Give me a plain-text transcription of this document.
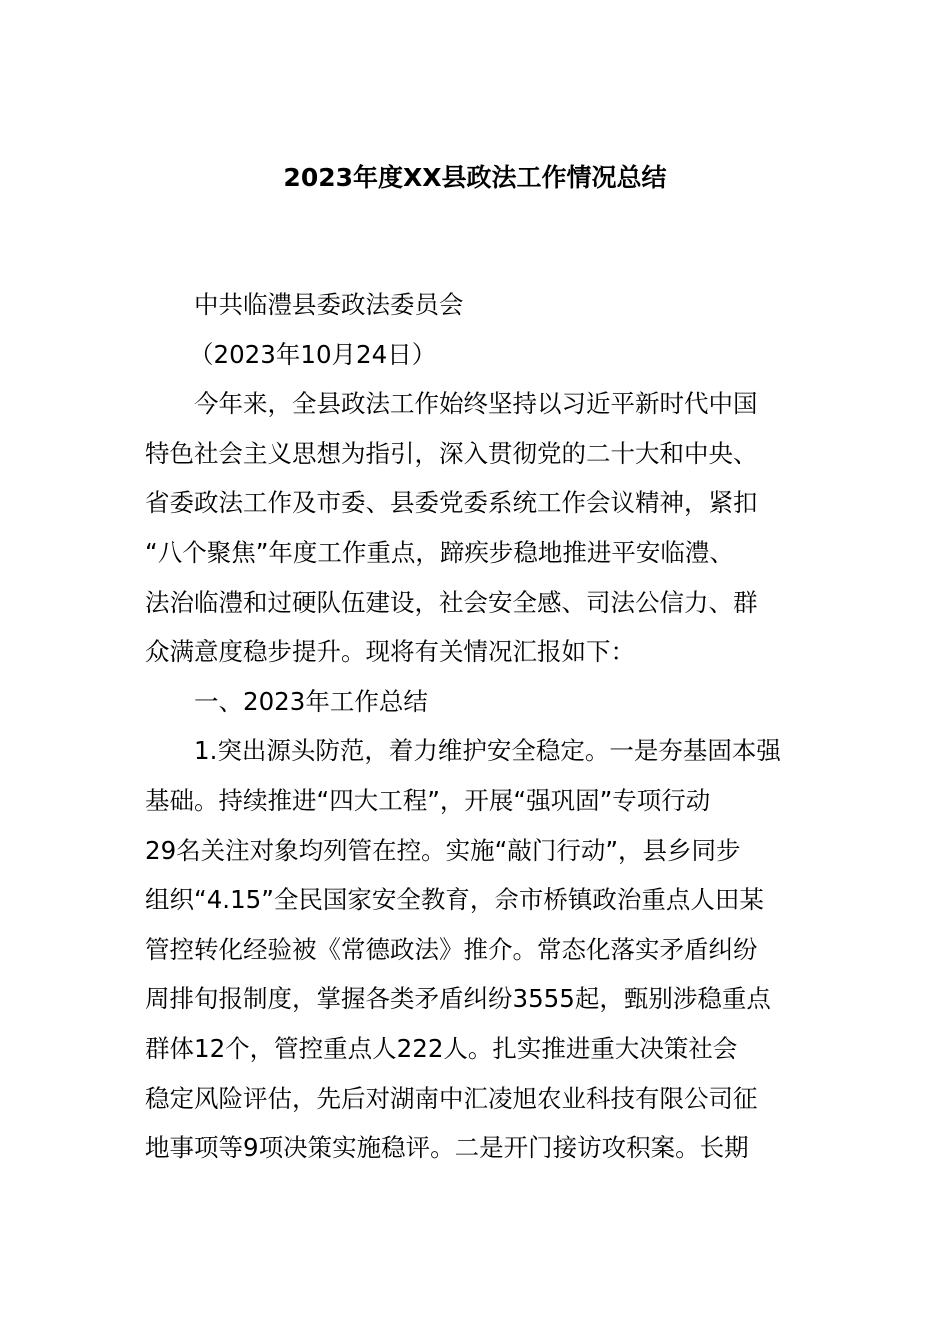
2023年度XX县政法工作情况总结
中共临澧县委政法委员会
（2023年10月24日）
今年来，全县政法工作始终坚持以习近平新时代中国
特色社会主义思想为指引，深入贯彻党的二十大和中央、
省委政法工作及市委、县委党委系统工作会议精神，紧扣
“八个聚焦”年度工作重点，蹄疾步稳地推进平安临澧、
法治临澧和过硬队伍建设，社会安全感、司法公信力、群
众满意度稳步提升。现将有关情况汇报如下：
一、2023年工作总结
1.突出源头防范，着力维护安全稳定。一是夯基固本强
基础。持续推进“四大工程”，开展“强巩固”专项行动
29名关注对象均列管在控。实施“敲门行动”，县乡同步
组织“4.15”全民国家安全教育，佘市桥镇政治重点人田某
管控转化经验被《常德政法》推介。常态化落实矛盾纠纷
周排旬报制度，掌握各类矛盾纠纷3555起，甄别涉稳重点
群体12个，管控重点人222人。扎实推进重大决策社会
稳定风险评估，先后对湖南中汇凌旭农业科技有限公司征
地事项等9项决策实施稳评。二是开门接访攻积案。长期
